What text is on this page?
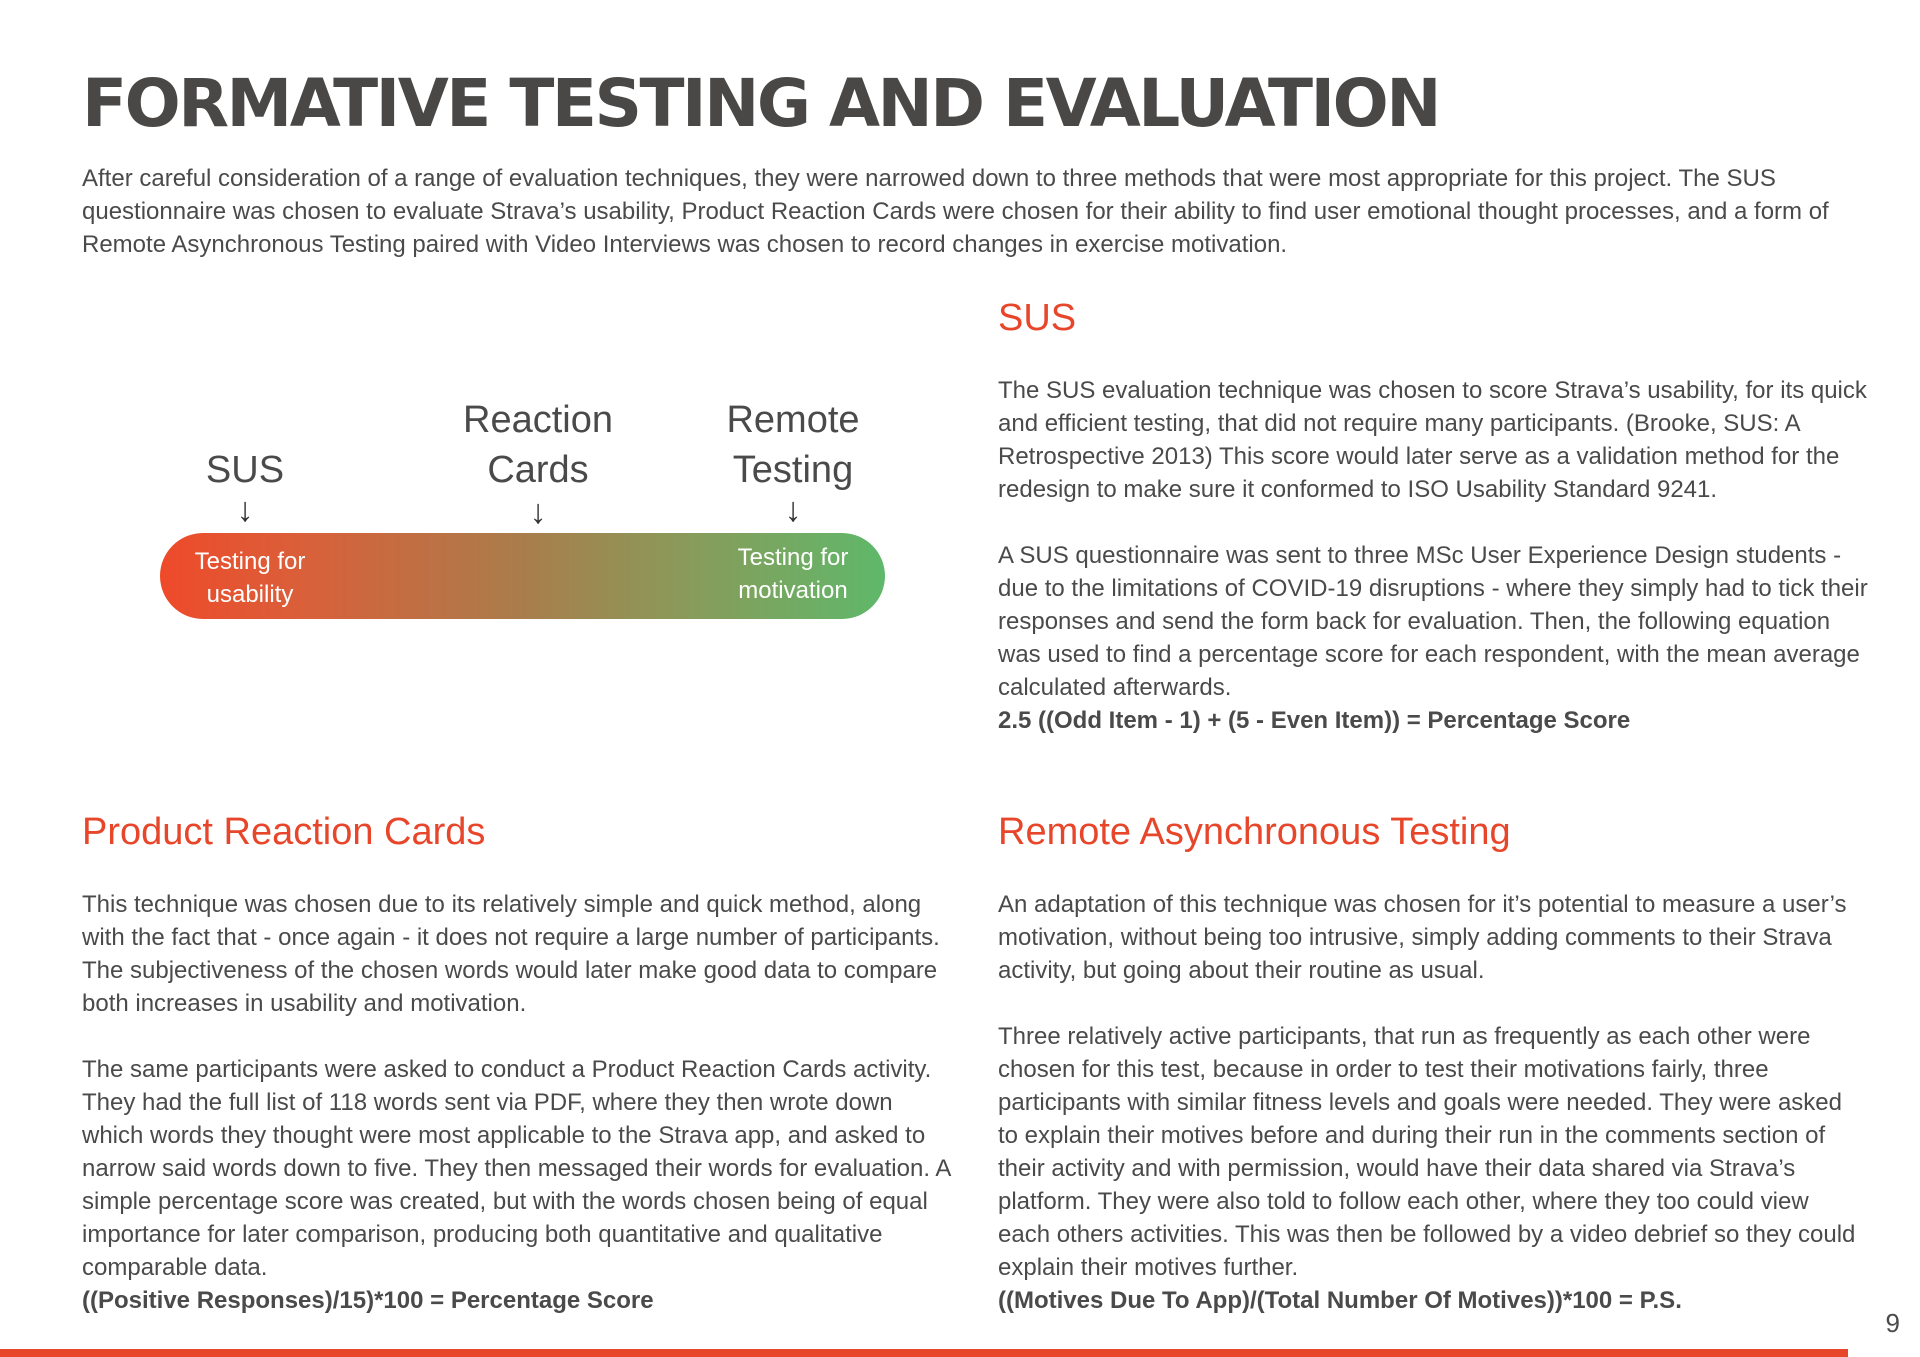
FORMATIVE TESTING AND EVALUATION

After careful consideration of a range of evaluation techniques, they were narrowed down to three methods that were most appropriate for this project. The SUS questionnaire was chosen to evaluate Strava’s usability, Product Reaction Cards were chosen for their ability to find user emotional thought processes, and a form of Remote Asynchronous Testing paired with Video Interviews was chosen to record changes in exercise motivation.

SUS
Reaction Cards
Remote Testing
↓	↓	↓
Testing for usability
Testing for motivation
SUS
The SUS evaluation technique was chosen to score Strava’s usability, for its quick and efficient testing, that did not require many participants. (Brooke, SUS: A Retrospective 2013) This score would later serve as a validation method for the redesign to make sure it conformed to ISO Usability Standard 9241.
A SUS questionnaire was sent to three MSc User Experience Design students - due to the limitations of COVID-19 disruptions - where they simply had to tick their responses and send the form back for evaluation. Then, the following equation was used to find a percentage score for each respondent, with the mean average calculated afterwards.
2.5 ((Odd Item - 1) + (5 - Even Item)) = Percentage Score
Product Reaction Cards
This technique was chosen due to its relatively simple and quick method, along with the fact that - once again - it does not require a large number of participants. The subjectiveness of the chosen words would later make good data to compare both increases in usability and motivation.
The same participants were asked to conduct a Product Reaction Cards activity. They had the full list of 118 words sent via PDF, where they then wrote down which words they thought were most applicable to the Strava app, and asked to narrow said words down to five. They then messaged their words for evaluation. A simple percentage score was created, but with the words chosen being of equal importance for later comparison, producing both quantitative and qualitative comparable data.
((Positive Responses)/15)*100 = Percentage Score
Remote Asynchronous Testing
An adaptation of this technique was chosen for it’s potential to measure a user’s motivation, without being too intrusive, simply adding comments to their Strava activity, but going about their routine as usual.
Three relatively active participants, that run as frequently as each other were chosen for this test, because in order to test their motivations fairly, three participants with similar fitness levels and goals were needed. They were asked to explain their motives before and during their run in the comments section of their activity and with permission, would have their data shared via Strava’s platform. They were also told to follow each other, where they too could view each others activities. This was then be followed by a video debrief so they could explain their motives further.
((Motives Due To App)/(Total Number Of Motives))*100 = P.S.
9
